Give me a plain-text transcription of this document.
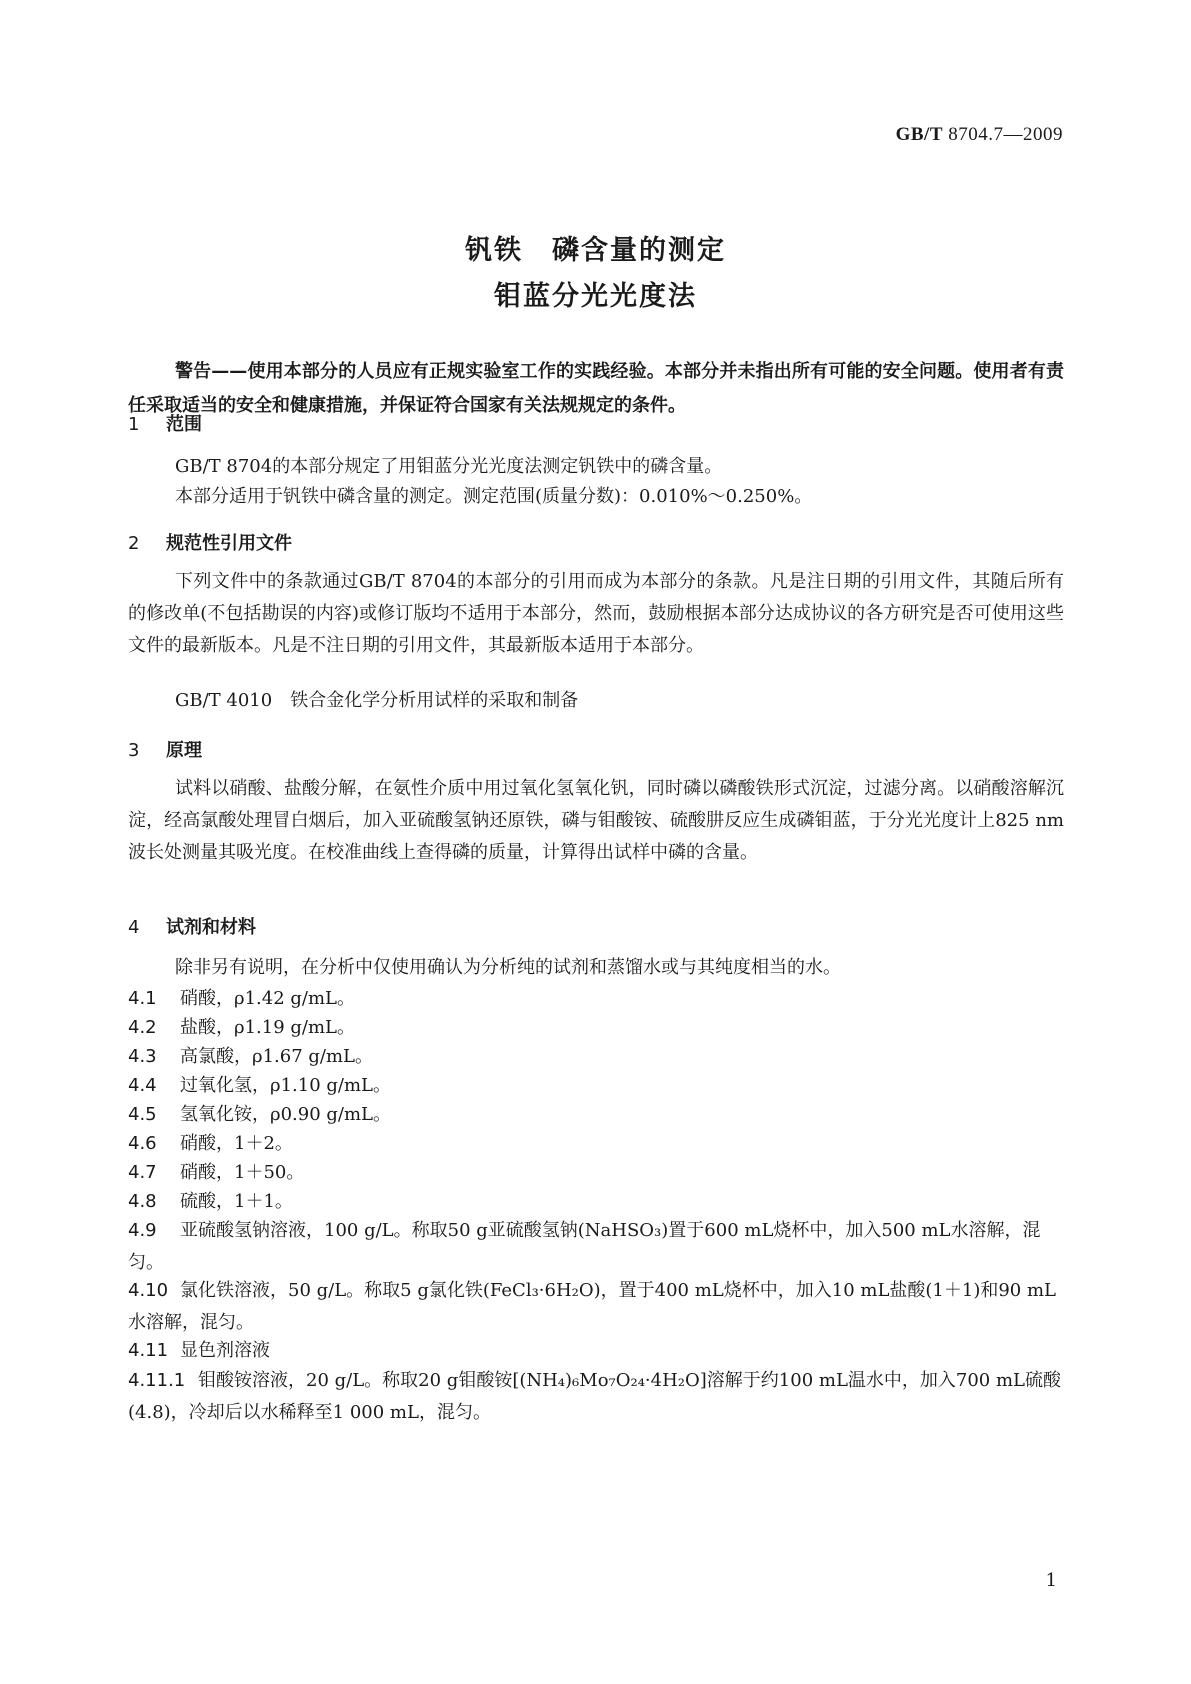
GB/T 8704.7—2009
钒铁　磷含量的测定
钼蓝分光光度法
警告——使用本部分的人员应有正规实验室工作的实践经验。本部分并未指出所有可能的安全问题。使用者有责任采取适当的安全和健康措施，并保证符合国家有关法规规定的条件。
1 范围
GB/T 8704的本部分规定了用钼蓝分光光度法测定钒铁中的磷含量。
本部分适用于钒铁中磷含量的测定。测定范围(质量分数)：0.010%～0.250%。
2 规范性引用文件
下列文件中的条款通过GB/T 8704的本部分的引用而成为本部分的条款。凡是注日期的引用文件，其随后所有的修改单(不包括勘误的内容)或修订版均不适用于本部分，然而，鼓励根据本部分达成协议的各方研究是否可使用这些文件的最新版本。凡是不注日期的引用文件，其最新版本适用于本部分。
GB/T 4010　铁合金化学分析用试样的采取和制备
3 原理
试料以硝酸、盐酸分解，在氨性介质中用过氧化氢氧化钒，同时磷以磷酸铁形式沉淀，过滤分离。以硝酸溶解沉淀，经高氯酸处理冒白烟后，加入亚硫酸氢钠还原铁，磷与钼酸铵、硫酸肼反应生成磷钼蓝，于分光光度计上825 nm波长处测量其吸光度。在校准曲线上查得磷的质量，计算得出试样中磷的含量。
4 试剂和材料
除非另有说明，在分析中仅使用确认为分析纯的试剂和蒸馏水或与其纯度相当的水。
4.1 硝酸，ρ1.42 g/mL。
4.2 盐酸，ρ1.19 g/mL。
4.3 高氯酸，ρ1.67 g/mL。
4.4 过氧化氢，ρ1.10 g/mL。
4.5 氢氧化铵，ρ0.90 g/mL。
4.6 硝酸，1＋2。
4.7 硝酸，1＋50。
4.8 硫酸，1＋1。
4.9 亚硫酸氢钠溶液，100 g/L。称取50 g亚硫酸氢钠(NaHSO₃)置于600 mL烧杯中，加入500 mL水溶解，混匀。
4.10 氯化铁溶液，50 g/L。称取5 g氯化铁(FeCl₃·6H₂O)，置于400 mL烧杯中，加入10 mL盐酸(1＋1)和90 mL水溶解，混匀。
4.11 显色剂溶液
4.11.1 钼酸铵溶液，20 g/L。称取20 g钼酸铵[(NH₄)₆Mo₇O₂₄·4H₂O]溶解于约100 mL温水中，加入700 mL硫酸(4.8)，冷却后以水稀释至1 000 mL，混匀。
1
